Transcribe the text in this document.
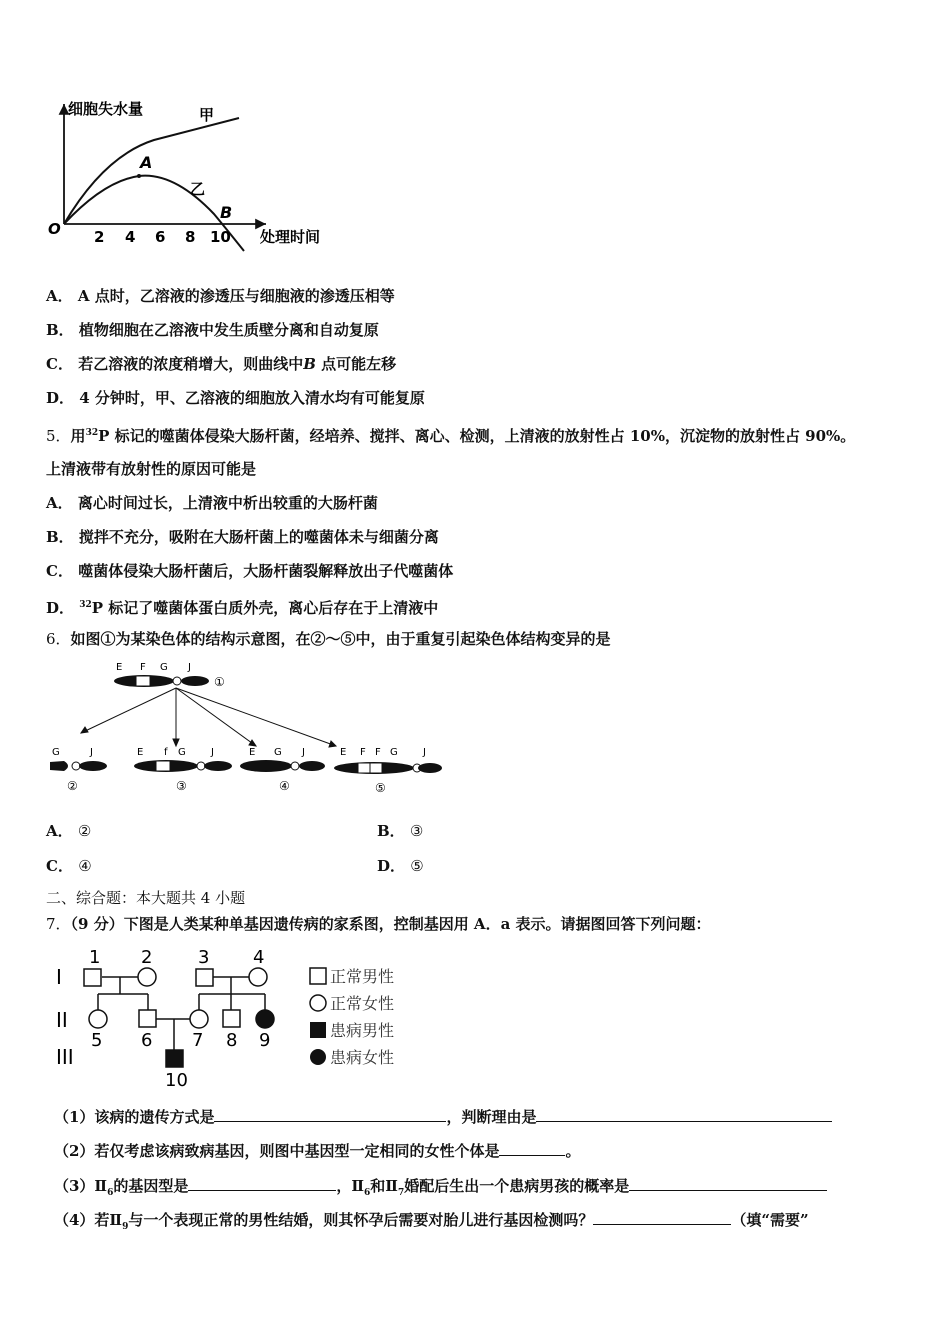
细胞失水量	甲
乙
A
B
O 2 4 6 8 10 处理时间
A． A 点时，乙溶液的渗透压与细胞液的渗透压相等
B． 植物细胞在乙溶液中发生质壁分离和自动复原
C． 若乙溶液的浓度稍增大，则曲线中B 点可能左移
D． 4 分钟时，甲、乙溶液的细胞放入清水均有可能复原
5．用$^{32}$P 标记的噬菌体侵染大肠杆菌，经培养、搅拌、离心、检测，上清液的放射性占 10%，沉淀物的放射性占 90%。
上清液带有放射性的原因可能是
A． 离心时间过长，上清液中析出较重的大肠杆菌
B． 搅拌不充分，吸附在大肠杆菌上的噬菌体未与细菌分离
C． 噬菌体侵染大肠杆菌后，大肠杆菌裂解释放出子代噬菌体
D． $^{32}$P 标记了噬菌体蛋白质外壳，离心后存在于上清液中
6．如图①为某染色体的结构示意图，在②～⑤中，由于重复引起染色体结构变异的是
E F G J
①
G	J
②
E f G	J
③
E G J
④
E F F G	J
⑤
A． ②	B． ③
C． ④	D． ⑤
二、综合题：本大题共 4 小题
7．（9 分）下图是人类某种单基因遗传病的家系图，控制基因用 A．a 表示。请据图回答下列问题：
I
II
III
1 2	3 4
5 6 7 8 9
10
正常男性
正常女性
患病男性
患病女性
（1）该病的遗传方式是	，判断理由是
（2）若仅考虑该病致病基因，则图中基因型一定相同的女性个体是	。
$(3)Ⅱ_6$的基因型是	，$Ⅱ_6$和$Ⅱ_7$婚配后生出一个患病男孩的概率是
（4）若$Ⅱ_9$与一个表现正常的男性结婚，则其怀孕后需要对胎儿进行基因检测吗？	（填“需要”
